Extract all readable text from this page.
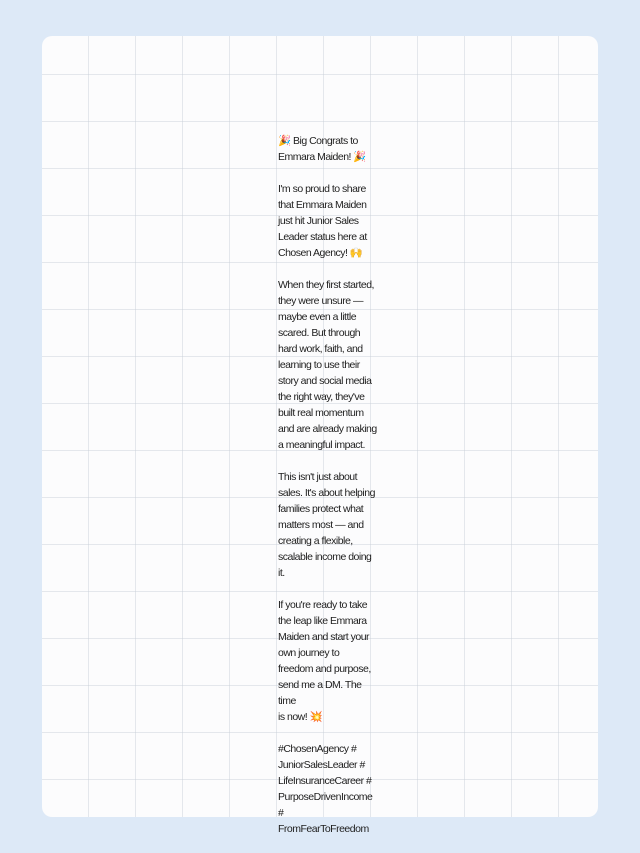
🎉 Big Congrats to
Emmara Maiden! 🎉

I'm so proud to share
that Emmara Maiden
just hit Junior Sales
Leader status here at
Chosen Agency! 🙌

When they first started,
they were unsure —
maybe even a little
scared. But through
hard work, faith, and
learning to use their
story and social media
the right way, they've
built real momentum
and are already making
a meaningful impact.

This isn't just about
sales. It's about helping
families protect what
matters most — and
creating a flexible,
scalable income doing
it.

If you're ready to take
the leap like Emmara
Maiden and start your
own journey to
freedom and purpose,
send me a DM. The time
is now! 💥

#ChosenAgency #
JuniorSalesLeader #
LifeInsuranceCareer #
PurposeDrivenIncome #
FromFearToFreedom
